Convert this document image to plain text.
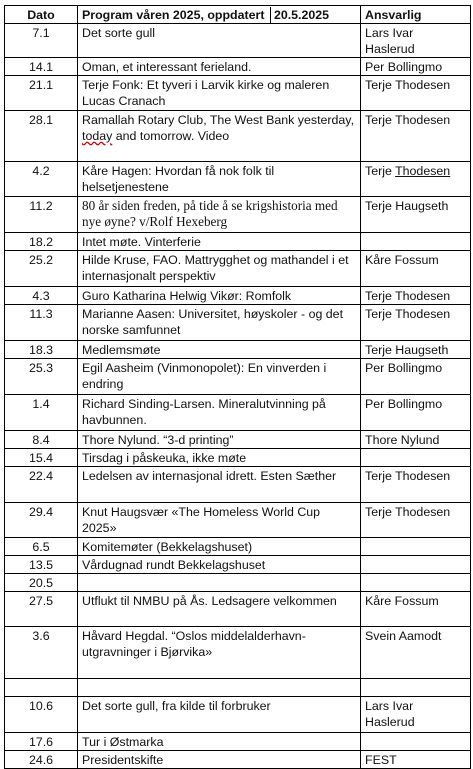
Dato	Program våren 2025, oppdatert 20.5.2025	Ansvarlig
7.1	Det sorte gull	Lars Ivar Haslerud
14.1	Oman, et interessant ferieland.	Per Bollingmo
21.1	Terje Fonk: Et tyveri i Larvik kirke og maleren Lucas Cranach	Terje Thodesen
28.1	Ramallah Rotary Club, The West Bank yesterday, today and tomorrow. Video	Terje Thodesen
4.2	Kåre Hagen: Hvordan få nok folk til helsetjenestene	Terje Thodesen
11.2	80 år siden freden, på tide å se krigshistoria med nye øyne? v/Rolf Hexeberg	Terje Haugseth
18.2	Intet møte. Vinterferie	
25.2	Hilde Kruse, FAO. Mattrygghet og mathandel i et internasjonalt perspektiv	Kåre Fossum
4.3	Guro Katharina Helwig Vikør: Romfolk	Terje Thodesen
11.3	Marianne Aasen: Universitet, høyskoler - og det norske samfunnet	Terje Thodesen
18.3	Medlemsmøte	Terje Haugseth
25.3	Egil Aasheim (Vinmonopolet): En vinverden i endring	Per Bollingmo
1.4	Richard Sinding-Larsen. Mineralutvinning på havbunnen.	Per Bollingmo
8.4	Thore Nylund. “3-d printing”	Thore Nylund
15.4	Tirsdag i påskeuka, ikke møte	
22.4	Ledelsen av internasjonal idrett. Esten Sæther	Terje Thodesen
29.4	Knut Haugsvær «The Homeless World Cup 2025»	Terje Thodesen
6.5	Komitemøter (Bekkelagshuset)	
13.5	Vårdugnad rundt Bekkelagshuset	
20.5		
27.5	Utflukt til NMBU på Ås. Ledsagere velkommen	Kåre Fossum
3.6	Håvard Hegdal. “Oslos middelalderhavn-utgravninger i Bjørvika»	Svein Aamodt

10.6	Det sorte gull, fra kilde til forbruker	Lars Ivar Haslerud
17.6	Tur i Østmarka	
24.6	Presidentskifte	FEST
